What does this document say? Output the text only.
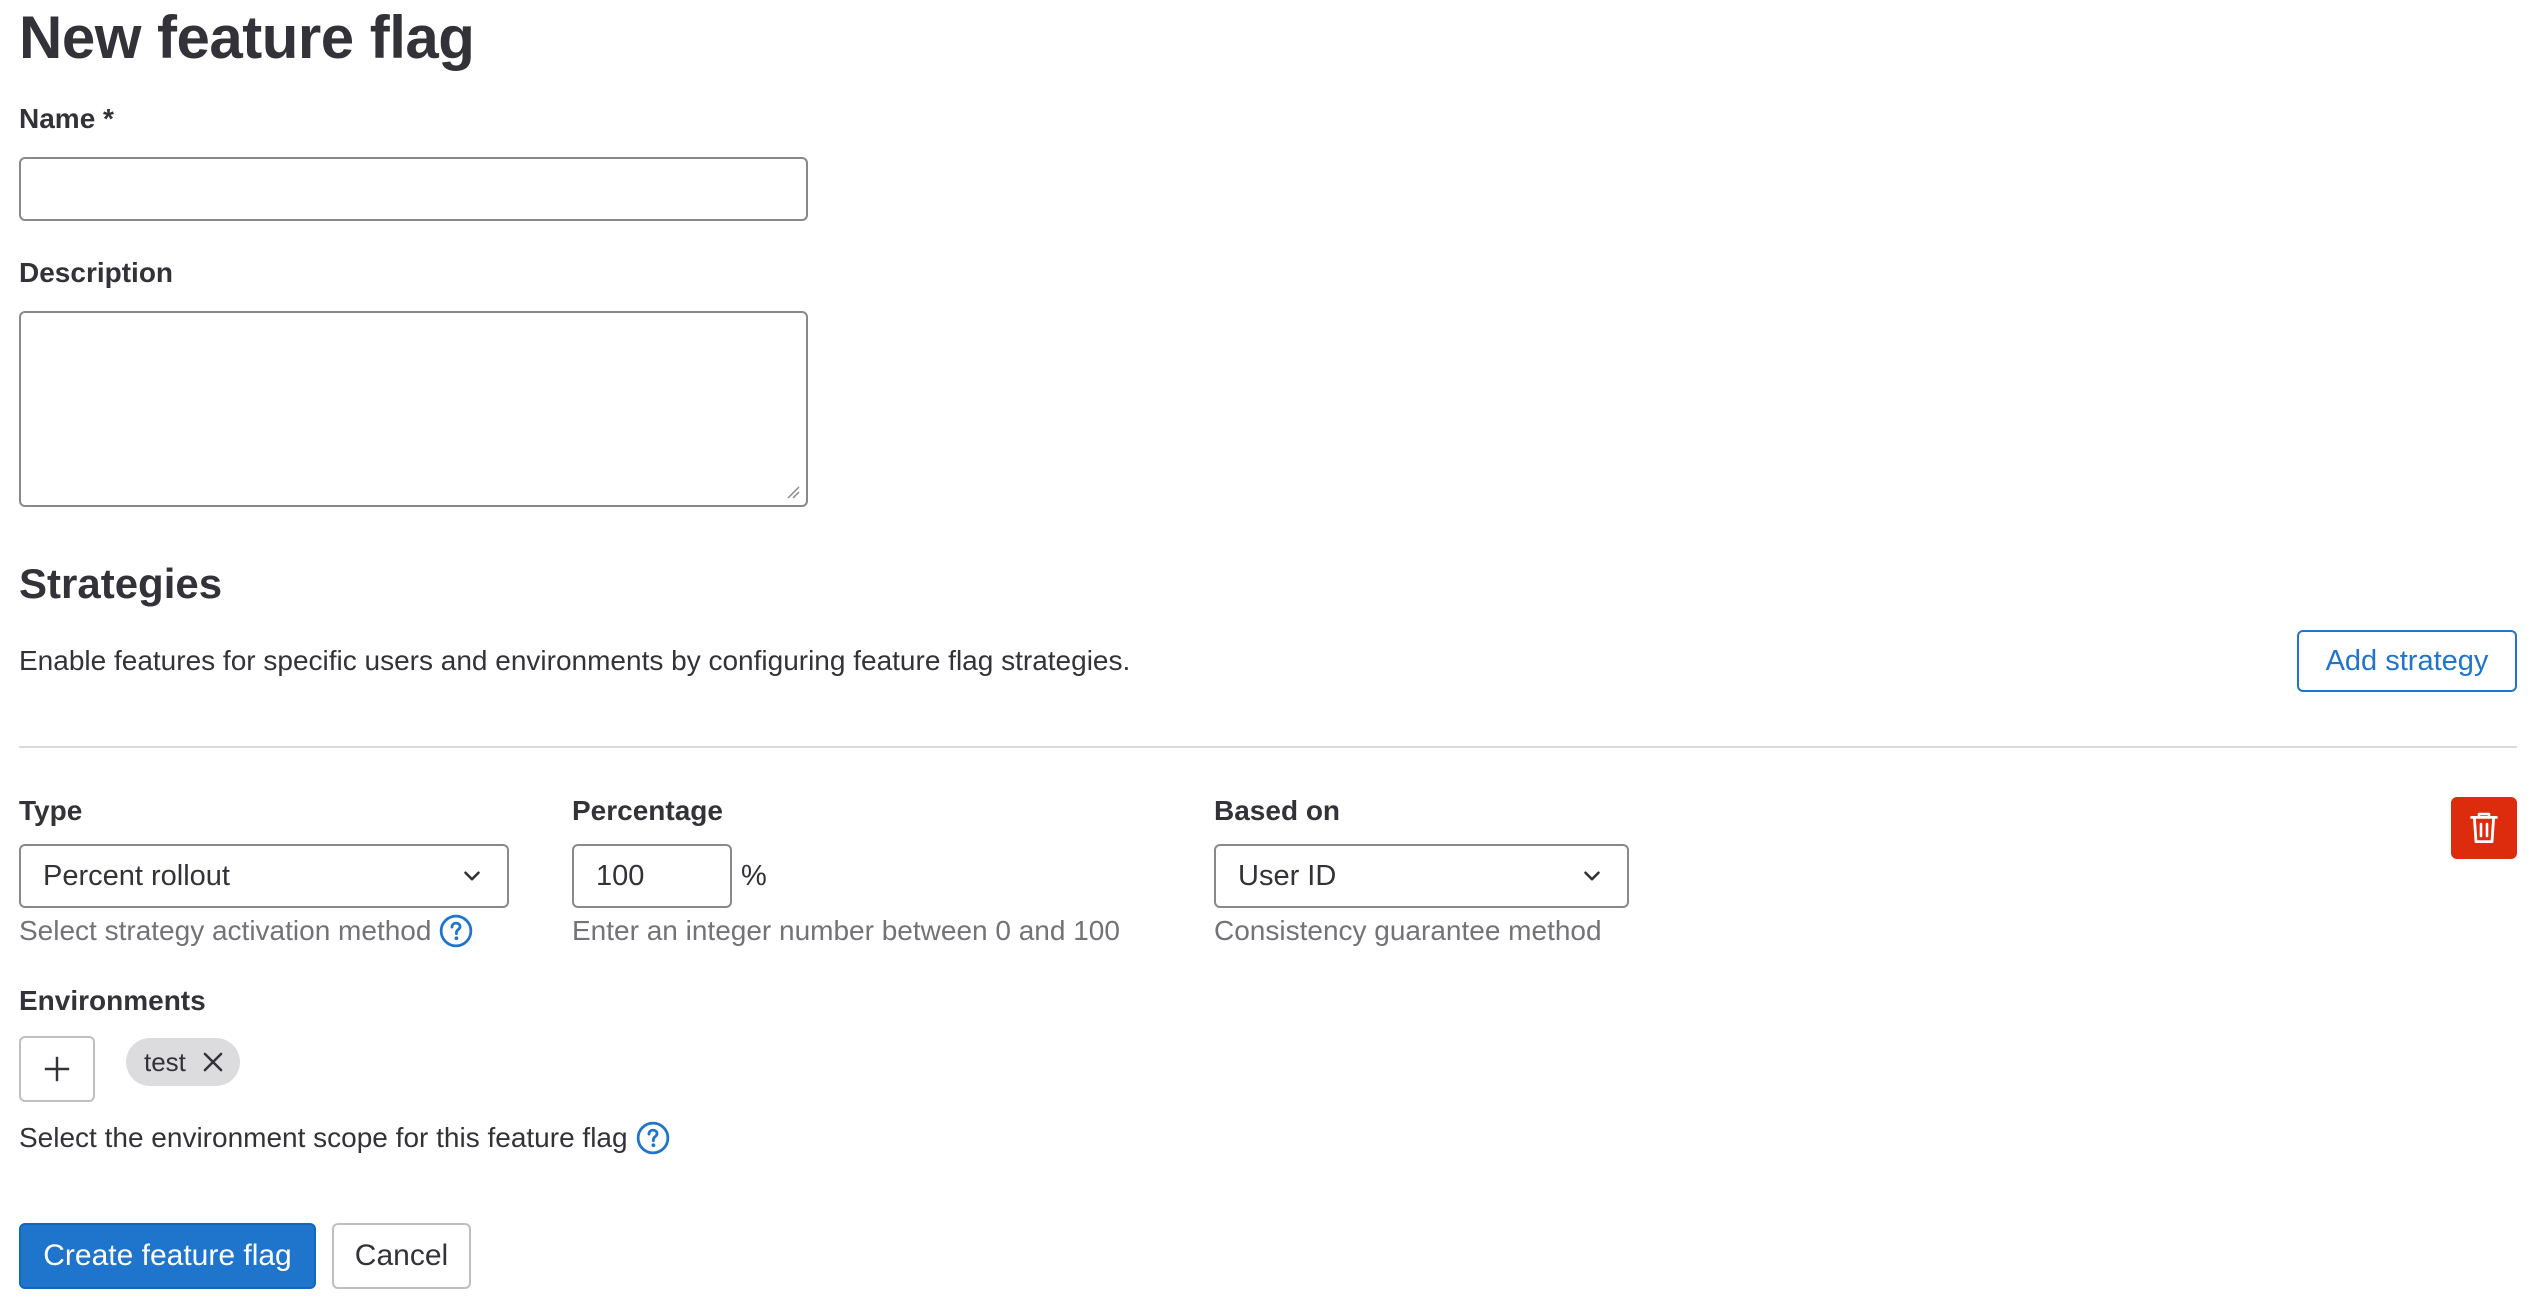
New feature flag
Name *
Description
Strategies
Enable features for specific users and environments by configuring feature flag strategies.	Add strategy
Type
Percent rollout
Select strategy activation method
Percentage
100	%
Enter an integer number between 0 and 100
Based on
User ID
Consistency guarantee method
Environments
test
Select the environment scope for this feature flag
Create feature flag	Cancel
